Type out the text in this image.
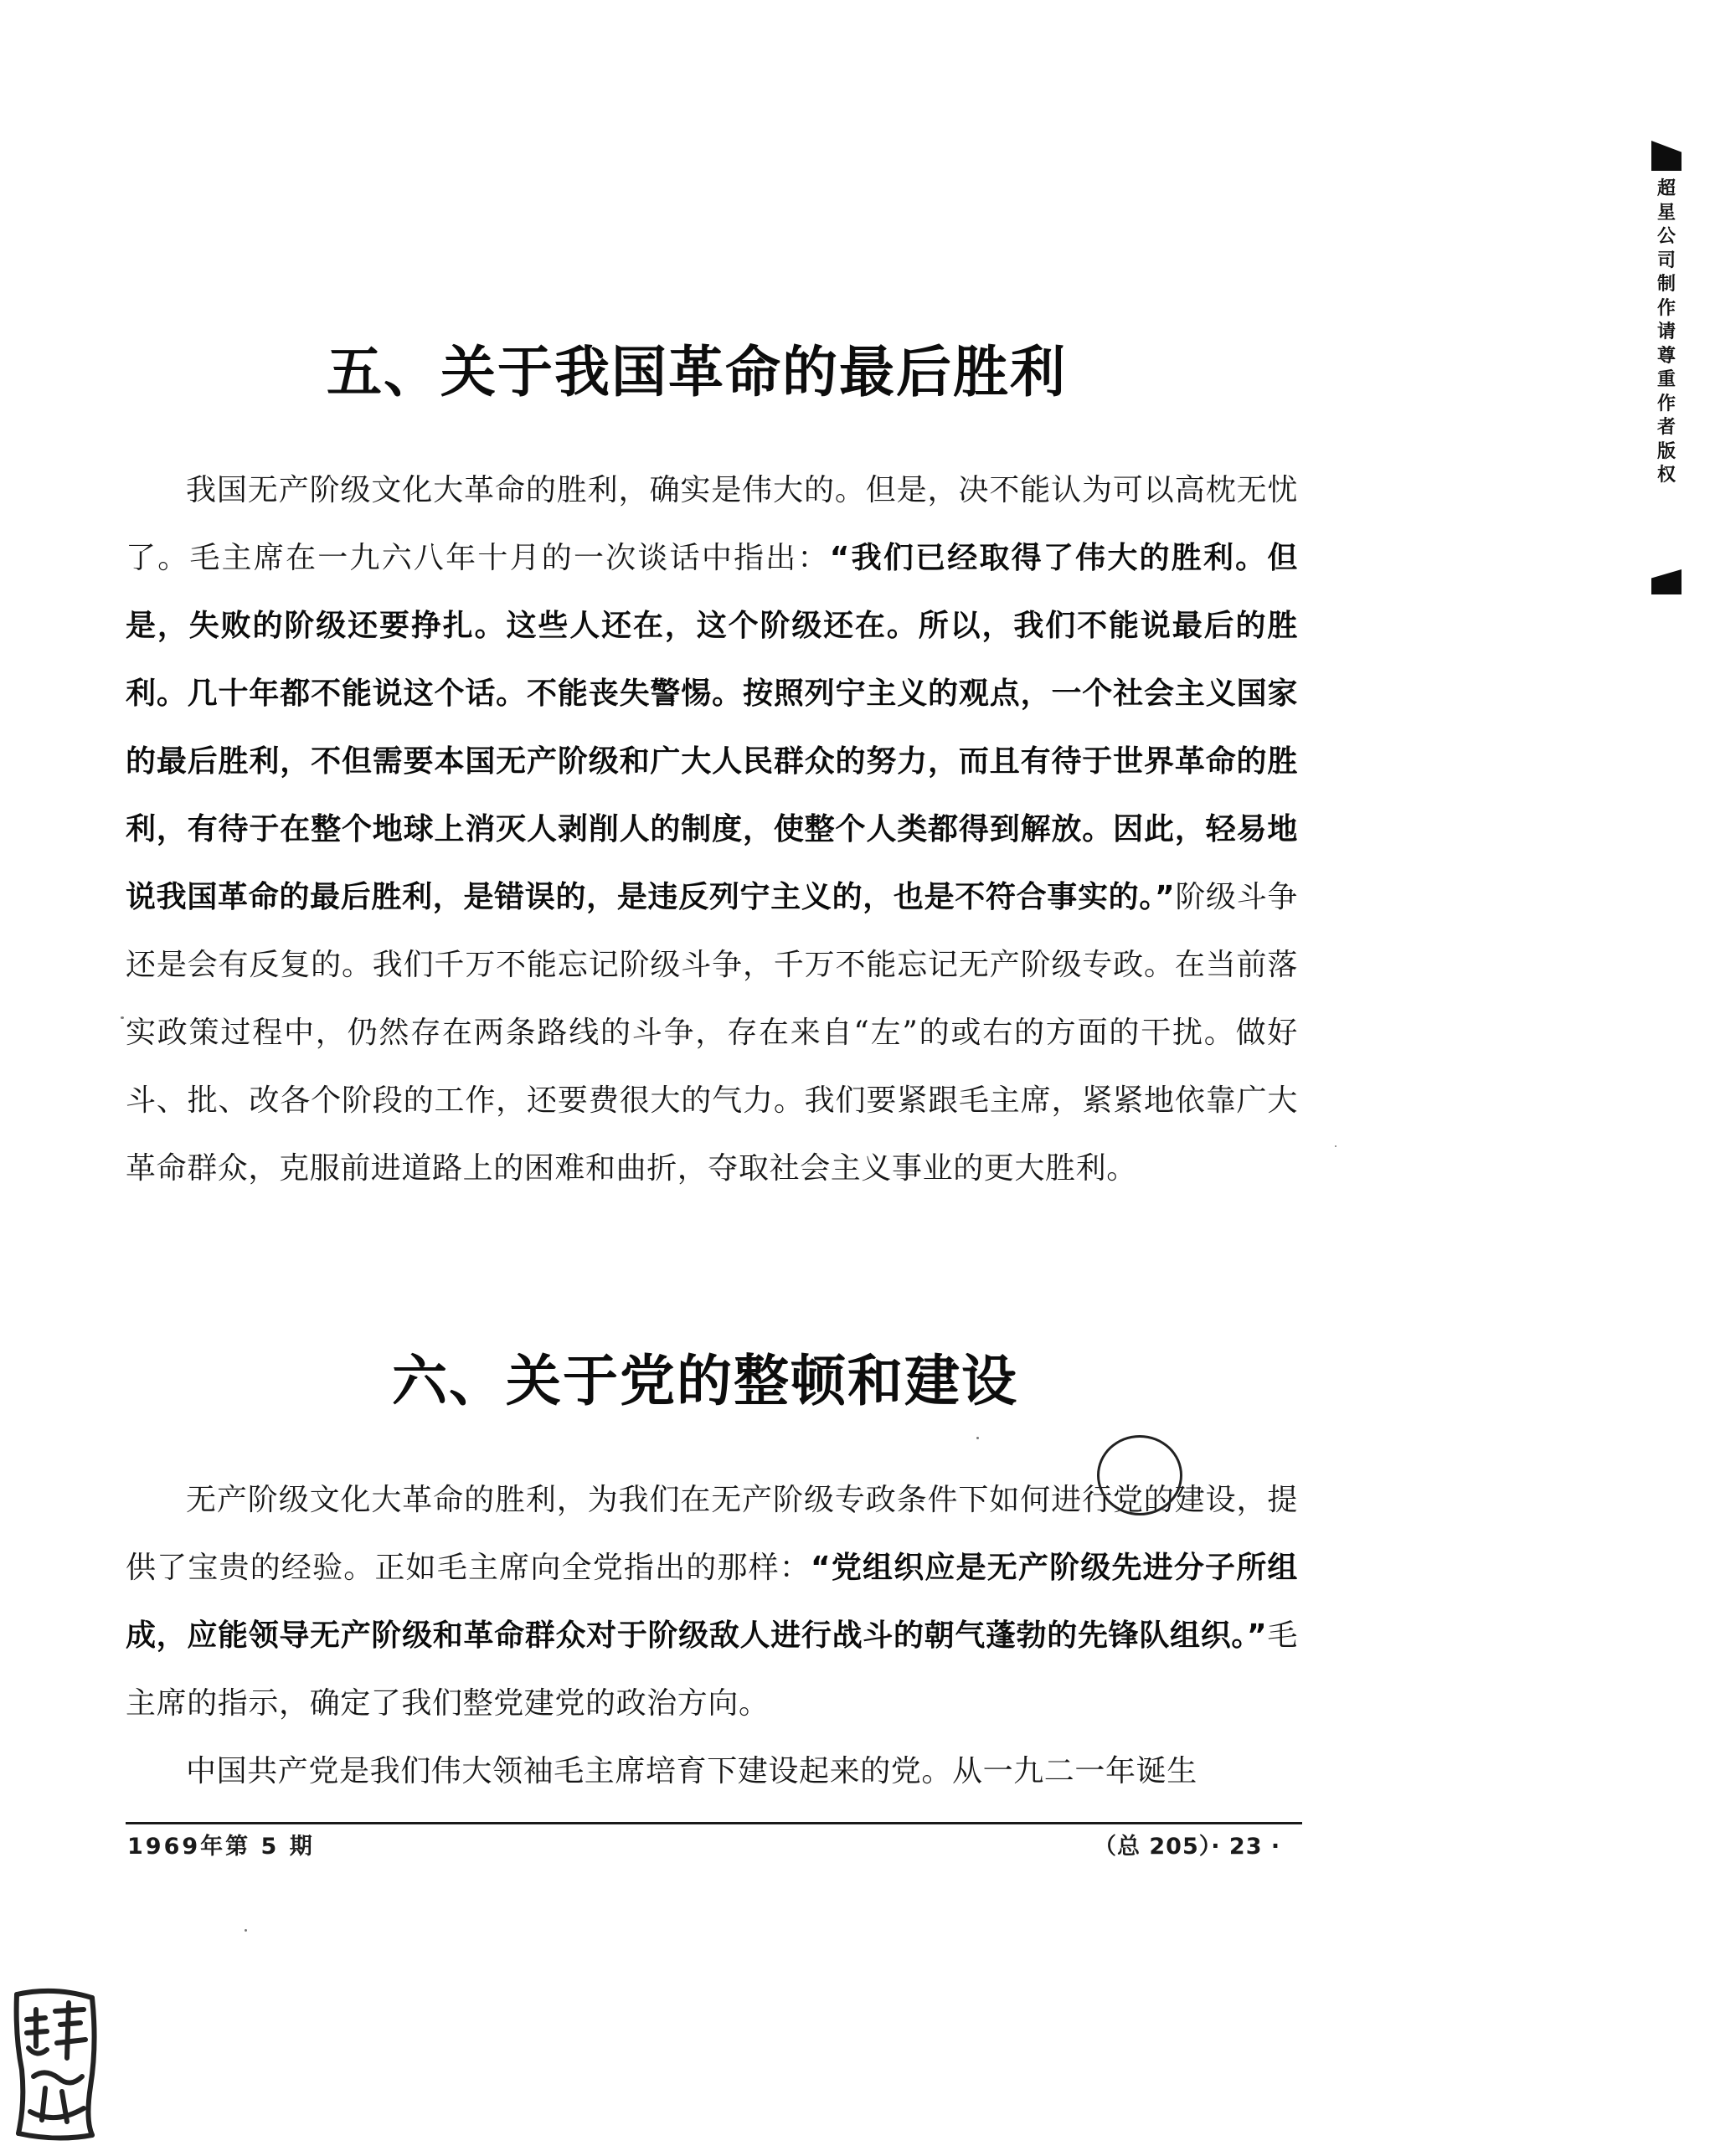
五、关于我国革命的最后胜利

我国无产阶级文化大革命的胜利，确实是伟大的。但是，决不能认为可以高枕无忧了。毛主席在一九六八年十月的一次谈话中指出：“我们已经取得了伟大的胜利。但是，失败的阶级还要挣扎。这些人还在，这个阶级还在。所以，我们不能说最后的胜利。几十年都不能说这个话。不能丧失警惕。按照列宁主义的观点，一个社会主义国家的最后胜利，不但需要本国无产阶级和广大人民群众的努力，而且有待于世界革命的胜利，有待于在整个地球上消灭人剥削人的制度，使整个人类都得到解放。因此，轻易地说我国革命的最后胜利，是错误的，是违反列宁主义的，也是不符合事实的。”阶级斗争还是会有反复的。我们千万不能忘记阶级斗争，千万不能忘记无产阶级专政。在当前落实政策过程中，仍然存在两条路线的斗争，存在来自“左”的或右的方面的干扰。做好斗、批、改各个阶段的工作，还要费很大的气力。我们要紧跟毛主席，紧紧地依靠广大革命群众，克服前进道路上的困难和曲折，夺取社会主义事业的更大胜利。

六、关于党的整顿和建设

无产阶级文化大革命的胜利，为我们在无产阶级专政条件下如何进行党的建设，提供了宝贵的经验。正如毛主席向全党指出的那样：“党组织应是无产阶级先进分子所组成，应能领导无产阶级和革命群众对于阶级敌人进行战斗的朝气蓬勃的先锋队组织。”毛主席的指示，确定了我们整党建党的政治方向。

中国共产党是我们伟大领袖毛主席培育下建设起来的党。从一九二一年诞生

1969年第 5 期	（总 205）· 23 ·
超星公司制作请尊重作者版权
